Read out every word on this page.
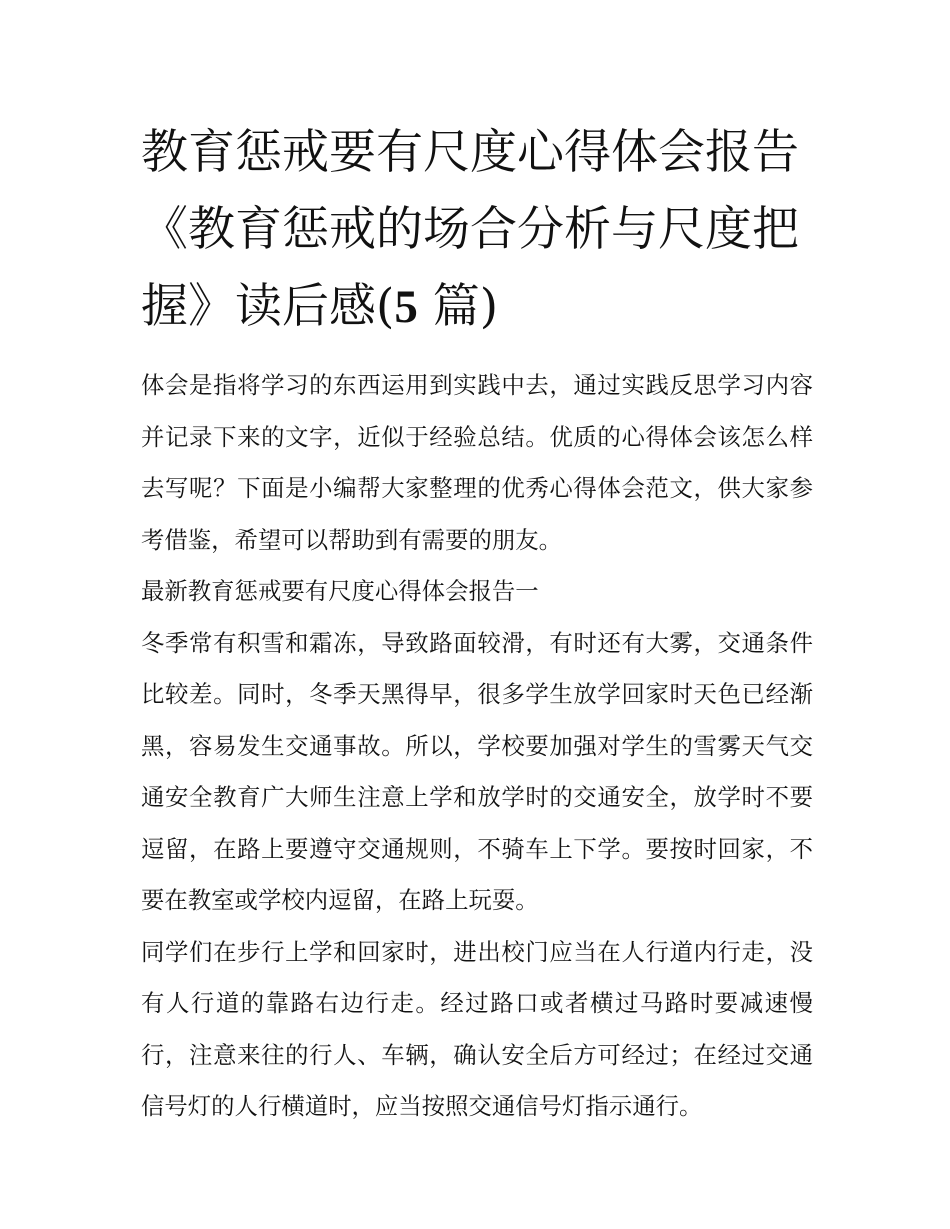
教育惩戒要有尺度心得体会报告 《教育惩戒的场合分析与尺度把握》读后感(5 篇)

体会是指将学习的东西运用到实践中去，通过实践反思学习内容并记录下来的文字，近似于经验总结。优质的心得体会该怎么样去写呢？下面是小编帮大家整理的优秀心得体会范文，供大家参考借鉴，希望可以帮助到有需要的朋友。

最新教育惩戒要有尺度心得体会报告一

冬季常有积雪和霜冻，导致路面较滑，有时还有大雾，交通条件比较差。同时，冬季天黑得早，很多学生放学回家时天色已经渐黑，容易发生交通事故。所以，学校要加强对学生的雪雾天气交通安全教育广大师生注意上学和放学时的交通安全，放学时不要逗留，在路上要遵守交通规则，不骑车上下学。要按时回家，不要在教室或学校内逗留，在路上玩耍。

同学们在步行上学和回家时，进出校门应当在人行道内行走，没有人行道的靠路右边行走。经过路口或者横过马路时要减速慢行，注意来往的行人、车辆，确认安全后方可经过；在经过交通信号灯的人行横道时，应当按照交通信号灯指示通行。
